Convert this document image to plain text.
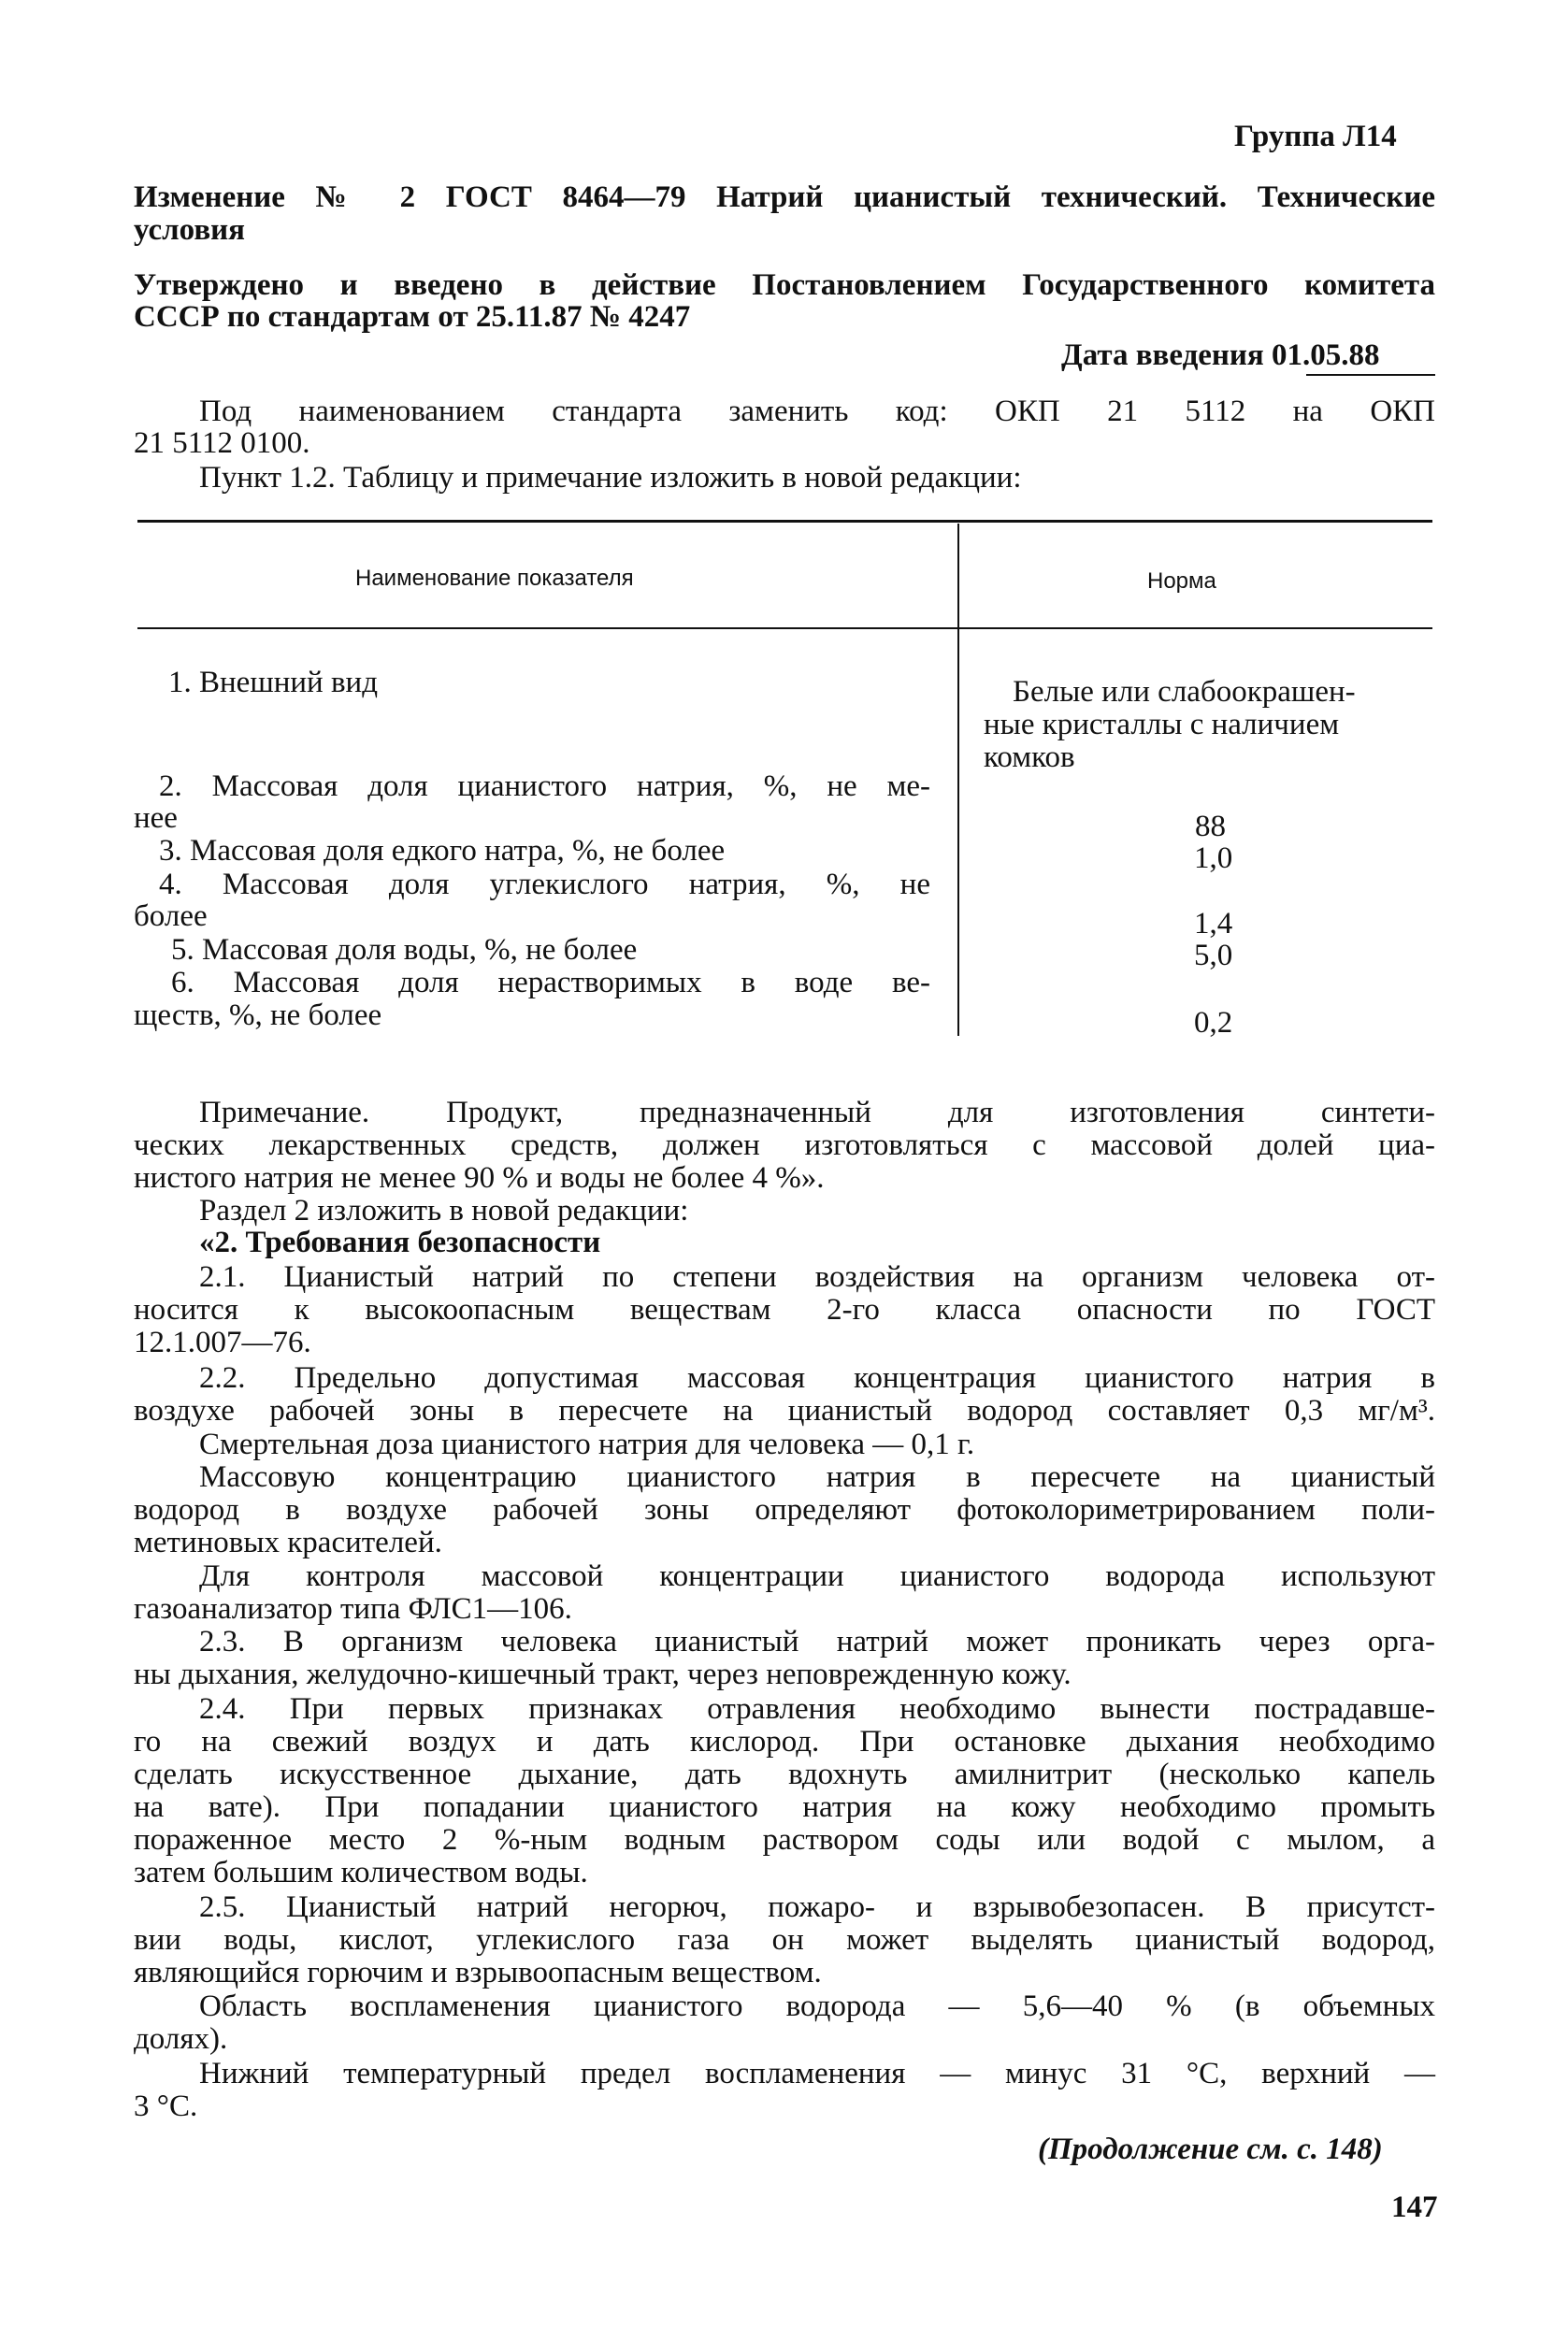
Группа Л14
Изменение № 2 ГОСТ 8464—79 Натрий цианистый технический. Технические
условия
Утверждено и введено в действие Постановлением Государственного комитета
СССР по стандартам от 25.11.87 № 4247
Дата введения 01.05.88
Под наименованием стандарта заменить код: ОКП 21 5112 на ОКП
21 5112 0100.
Пункт 1.2. Таблицу и примечание изложить в новой редакции:
Наименование показателя	Норма
1. Внешний вид	Белые или слабоокрашен-
ные кристаллы с наличием
комков
2. Массовая доля цианистого натрия, %, не ме-
нее	88
3. Массовая доля едкого натра, %, не более	1,0
4. Массовая доля углекислого натрия, %, не
более	1,4
5. Массовая доля воды, %, не более	5,0
6. Массовая доля нерастворимых в воде ве-
ществ, %, не более	0,2
Примечание. Продукт, предназначенный для изготовления синтети-
ческих лекарственных средств, должен изготовляться с массовой долей циа-
нистого натрия не менее 90 % и воды не более 4 %».
Раздел 2 изложить в новой редакции:
«2. Требования безопасности
2.1. Цианистый натрий по степени воздействия на организм человека от-
носится к высокоопасным веществам 2-го класса опасности по ГОСТ
12.1.007—76.
2.2. Предельно допустимая массовая концентрация цианистого натрия в
воздухе рабочей зоны в пересчете на цианистый водород составляет 0,3 мг/м³.
Смертельная доза цианистого натрия для человека — 0,1 г.
Массовую концентрацию цианистого натрия в пересчете на цианистый
водород в воздухе рабочей зоны определяют фотоколориметрированием поли-
метиновых красителей.
Для контроля массовой концентрации цианистого водорода используют
газоанализатор типа ФЛС1—106.
2.3. В организм человека цианистый натрий может проникать через орга-
ны дыхания, желудочно-кишечный тракт, через неповрежденную кожу.
2.4. При первых признаках отравления необходимо вынести пострадавше-
го на свежий воздух и дать кислород. При остановке дыхания необходимо
сделать искусственное дыхание, дать вдохнуть амилнитрит (несколько капель
на вате). При попадании цианистого натрия на кожу необходимо промыть
пораженное место 2 %-ным водным раствором соды или водой с мылом, а
затем большим количеством воды.
2.5. Цианистый натрий негорюч, пожаро- и взрывобезопасен. В присутст-
вии воды, кислот, углекислого газа он может выделять цианистый водород,
являющийся горючим и взрывоопасным веществом.
Область воспламенения цианистого водорода — 5,6—40 % (в объемных
долях).
Нижний температурный предел воспламенения — минус 31 °С, верхний —
3 °С.
(Продолжение см. с. 148)
147
